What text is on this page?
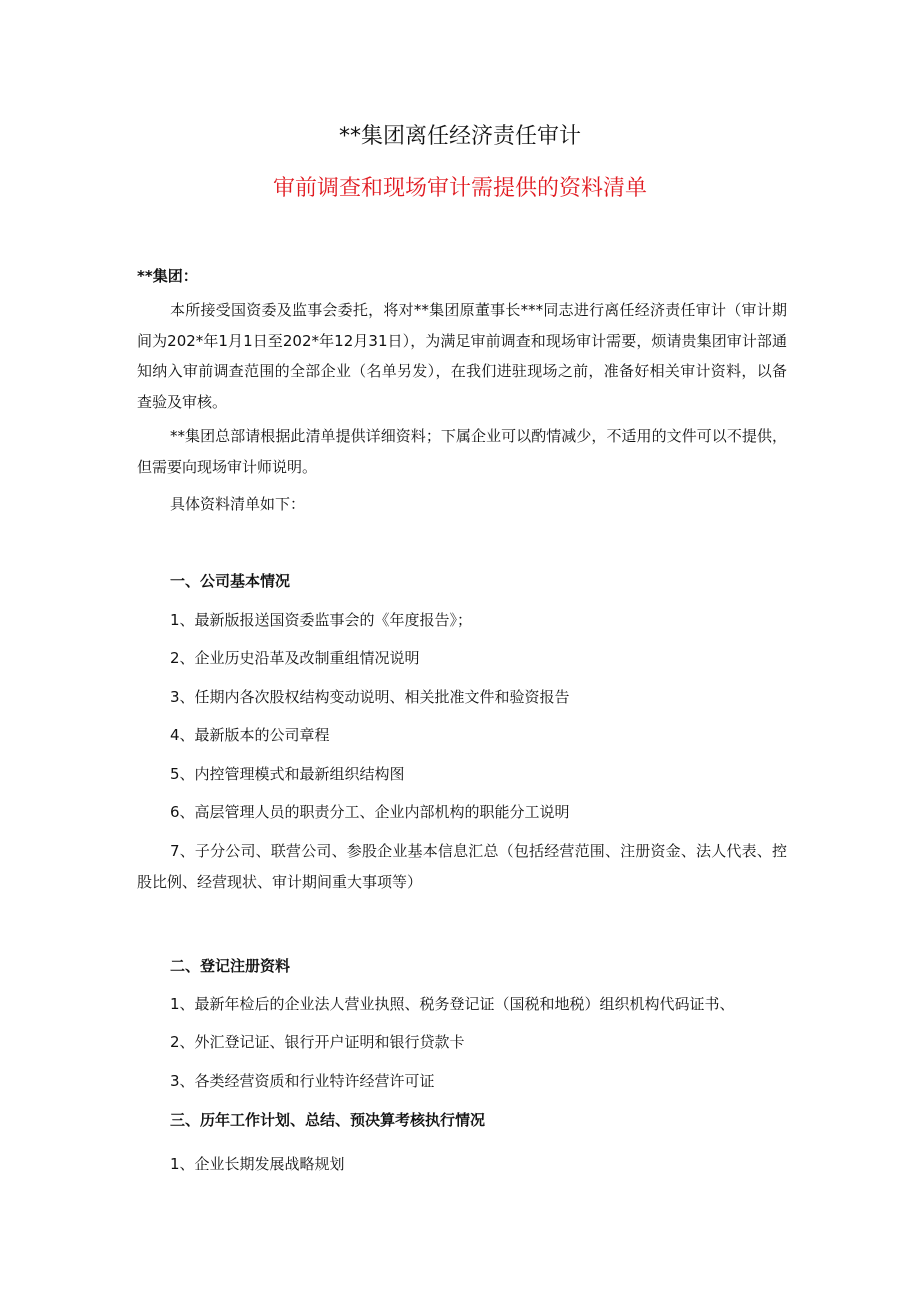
**集团离任经济责任审计
审前调查和现场审计需提供的资料清单
**集团：
本所接受国资委及监事会委托，将对**集团原董事长***同志进行离任经济责任审计（审计期间为202*年1月1日至202*年12月31日），为满足审前调查和现场审计需要，烦请贵集团审计部通知纳入审前调查范围的全部企业（名单另发），在我们进驻现场之前，准备好相关审计资料，以备查验及审核。
**集团总部请根据此清单提供详细资料；下属企业可以酌情减少，不适用的文件可以不提供，但需要向现场审计师说明。
具体资料清单如下：
一、公司基本情况
1、最新版报送国资委监事会的《年度报告》；
2、企业历史沿革及改制重组情况说明
3、任期内各次股权结构变动说明、相关批准文件和验资报告
4、最新版本的公司章程
5、内控管理模式和最新组织结构图
6、高层管理人员的职责分工、企业内部机构的职能分工说明
7、子分公司、联营公司、参股企业基本信息汇总（包括经营范围、注册资金、法人代表、控股比例、经营现状、审计期间重大事项等）
二、登记注册资料
1、最新年检后的企业法人营业执照、税务登记证（国税和地税）组织机构代码证书、
2、外汇登记证、银行开户证明和银行贷款卡
3、各类经营资质和行业特许经营许可证
三、历年工作计划、总结、预决算考核执行情况
1、企业长期发展战略规划
